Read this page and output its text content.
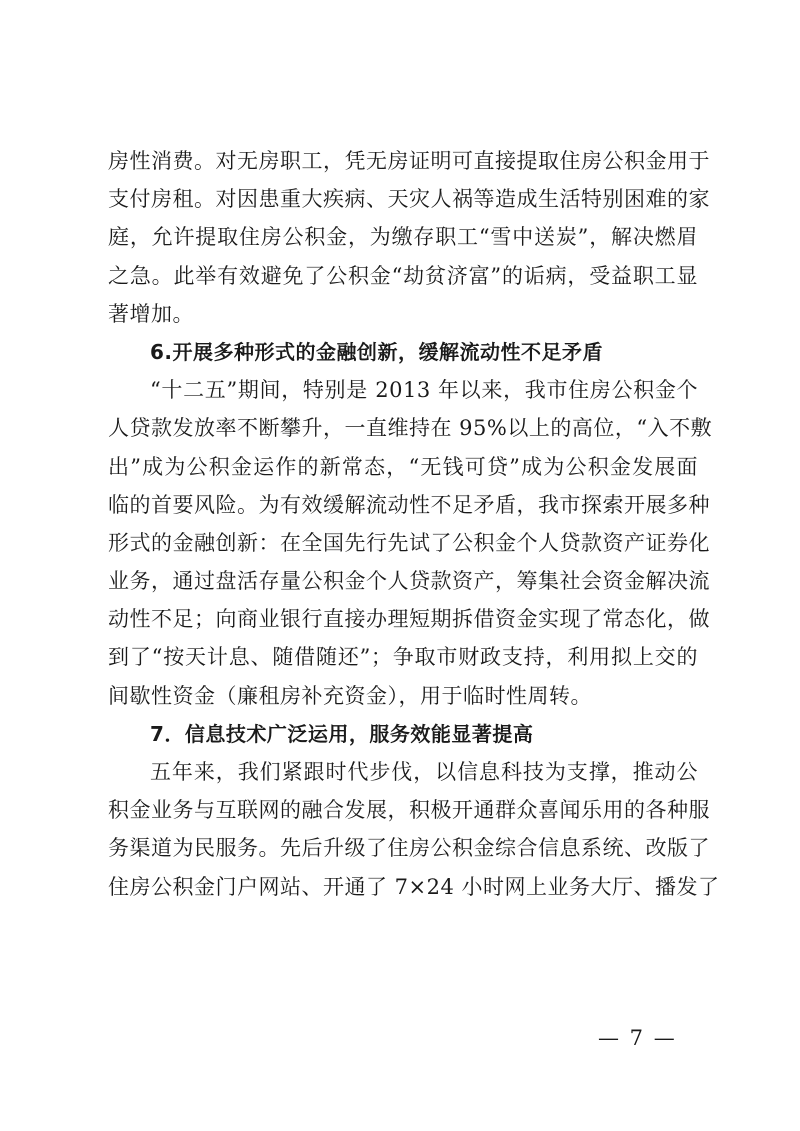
房性消费。对无房职工，凭无房证明可直接提取住房公积金用于
支付房租。对因患重大疾病、天灾人祸等造成生活特别困难的家
庭，允许提取住房公积金，为缴存职工“雪中送炭”，解决燃眉
之急。此举有效避免了公积金“劫贫济富”的诟病，受益职工显
著增加。
6.开展多种形式的金融创新，缓解流动性不足矛盾
“十二五”期间，特别是 2013 年以来，我市住房公积金个
人贷款发放率不断攀升，一直维持在 95%以上的高位，“入不敷
出”成为公积金运作的新常态，“无钱可贷”成为公积金发展面
临的首要风险。为有效缓解流动性不足矛盾，我市探索开展多种
形式的金融创新：在全国先行先试了公积金个人贷款资产证券化
业务，通过盘活存量公积金个人贷款资产，筹集社会资金解决流
动性不足；向商业银行直接办理短期拆借资金实现了常态化，做
到了“按天计息、随借随还”；争取市财政支持，利用拟上交的
间歇性资金（廉租房补充资金），用于临时性周转。
7．信息技术广泛运用，服务效能显著提高
五年来，我们紧跟时代步伐，以信息科技为支撑，推动公
积金业务与互联网的融合发展，积极开通群众喜闻乐用的各种服
务渠道为民服务。先后升级了住房公积金综合信息系统、改版了
住房公积金门户网站、开通了 7×24 小时网上业务大厅、播发了
— 7 —
